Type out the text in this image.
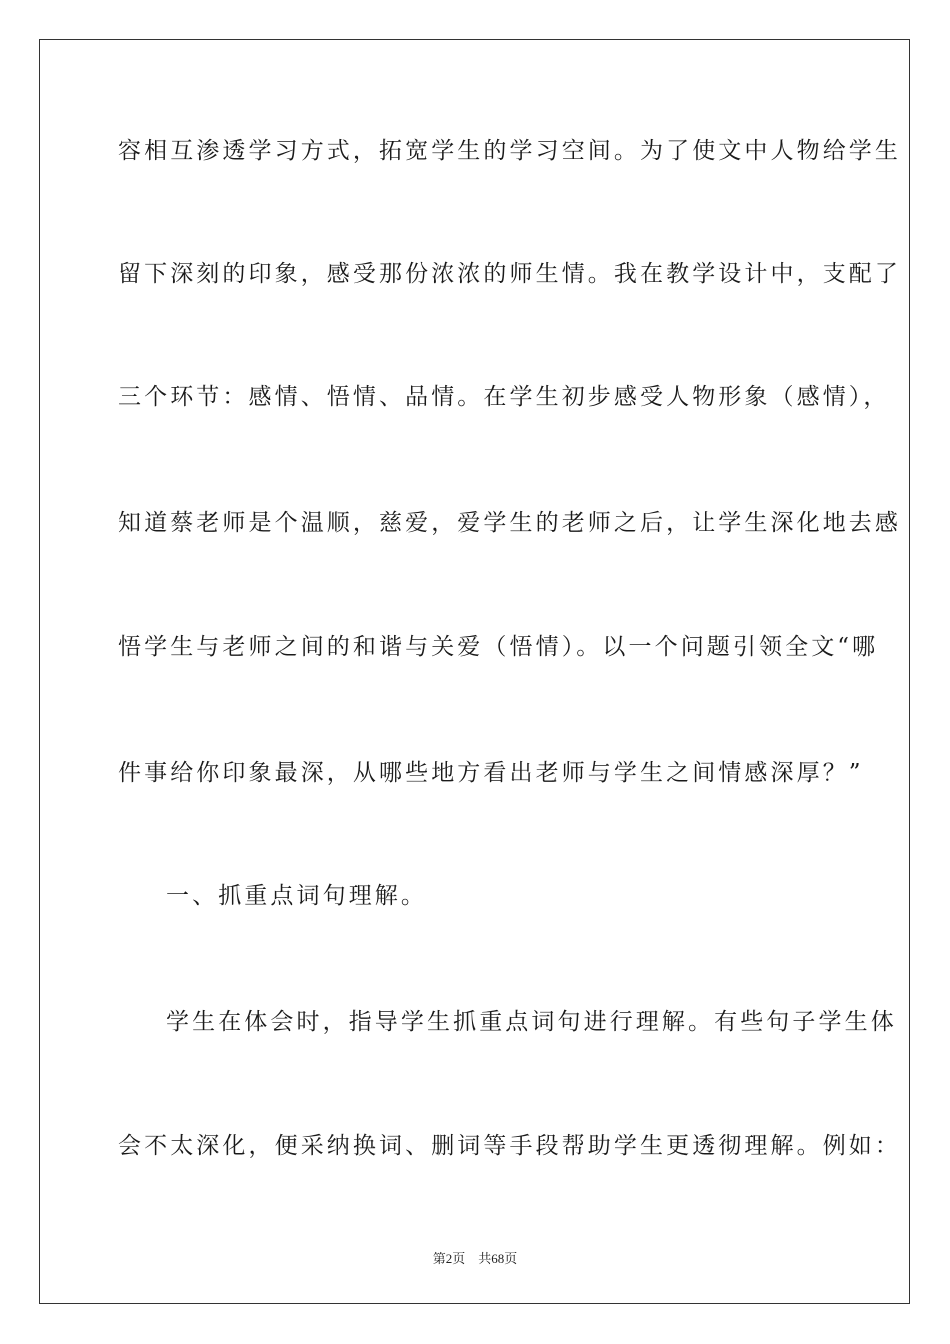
容相互渗透学习方式，拓宽学生的学习空间。为了使文中人物给学生
留下深刻的印象，感受那份浓浓的师生情。我在教学设计中，支配了
三个环节：感情、悟情、品情。在学生初步感受人物形象（感情），
知道蔡老师是个温顺，慈爱，爱学生的老师之后，让学生深化地去感
悟学生与老师之间的和谐与关爱（悟情）。以一个问题引领全文“哪
件事给你印象最深，从哪些地方看出老师与学生之间情感深厚？”
一、抓重点词句理解。
学生在体会时，指导学生抓重点词句进行理解。有些句子学生体
会不太深化，便采纳换词、删词等手段帮助学生更透彻理解。例如：
第2页　共68页
